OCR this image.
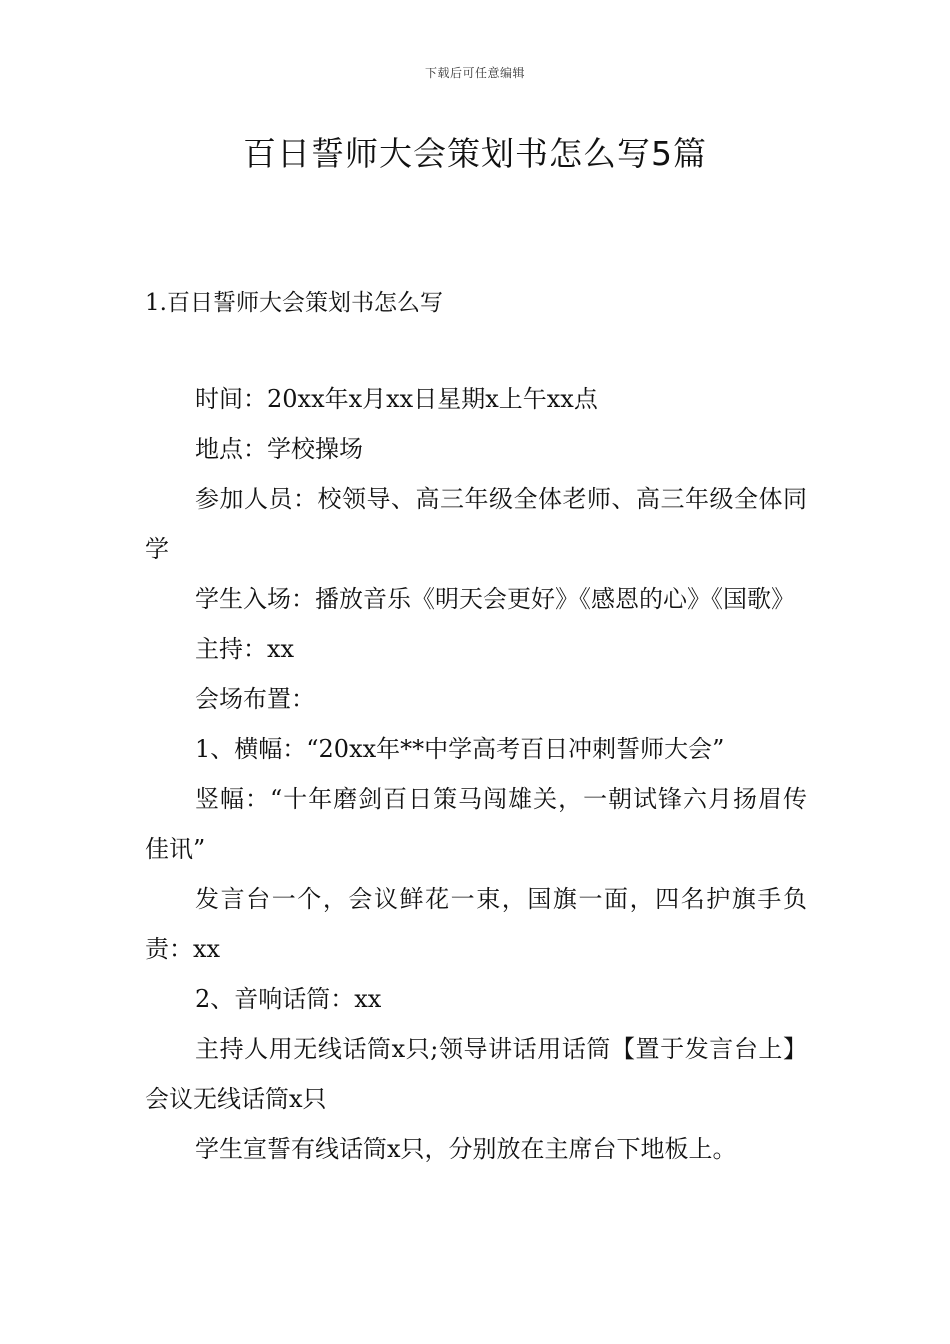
下载后可任意编辑
百日誓师大会策划书怎么写5篇
1.百日誓师大会策划书怎么写

时间：20xx年x月xx日星期x上午xx点

地点：学校操场

参加人员：校领导、高三年级全体老师、高三年级全体同学

学生入场：播放音乐《明天会更好》《感恩的心》《国歌》

主持：xx

会场布置：

1、横幅：“20xx年**中学高考百日冲刺誓师大会”

竖幅：“十年磨剑百日策马闯雄关，一朝试锋六月扬眉传佳讯”

发言台一个，会议鲜花一束，国旗一面，四名护旗手负责：xx

2、音响话筒：xx

主持人用无线话筒x只;领导讲话用话筒【置于发言台上】会议无线话筒x只

学生宣誓有线话筒x只，分别放在主席台下地板上。
